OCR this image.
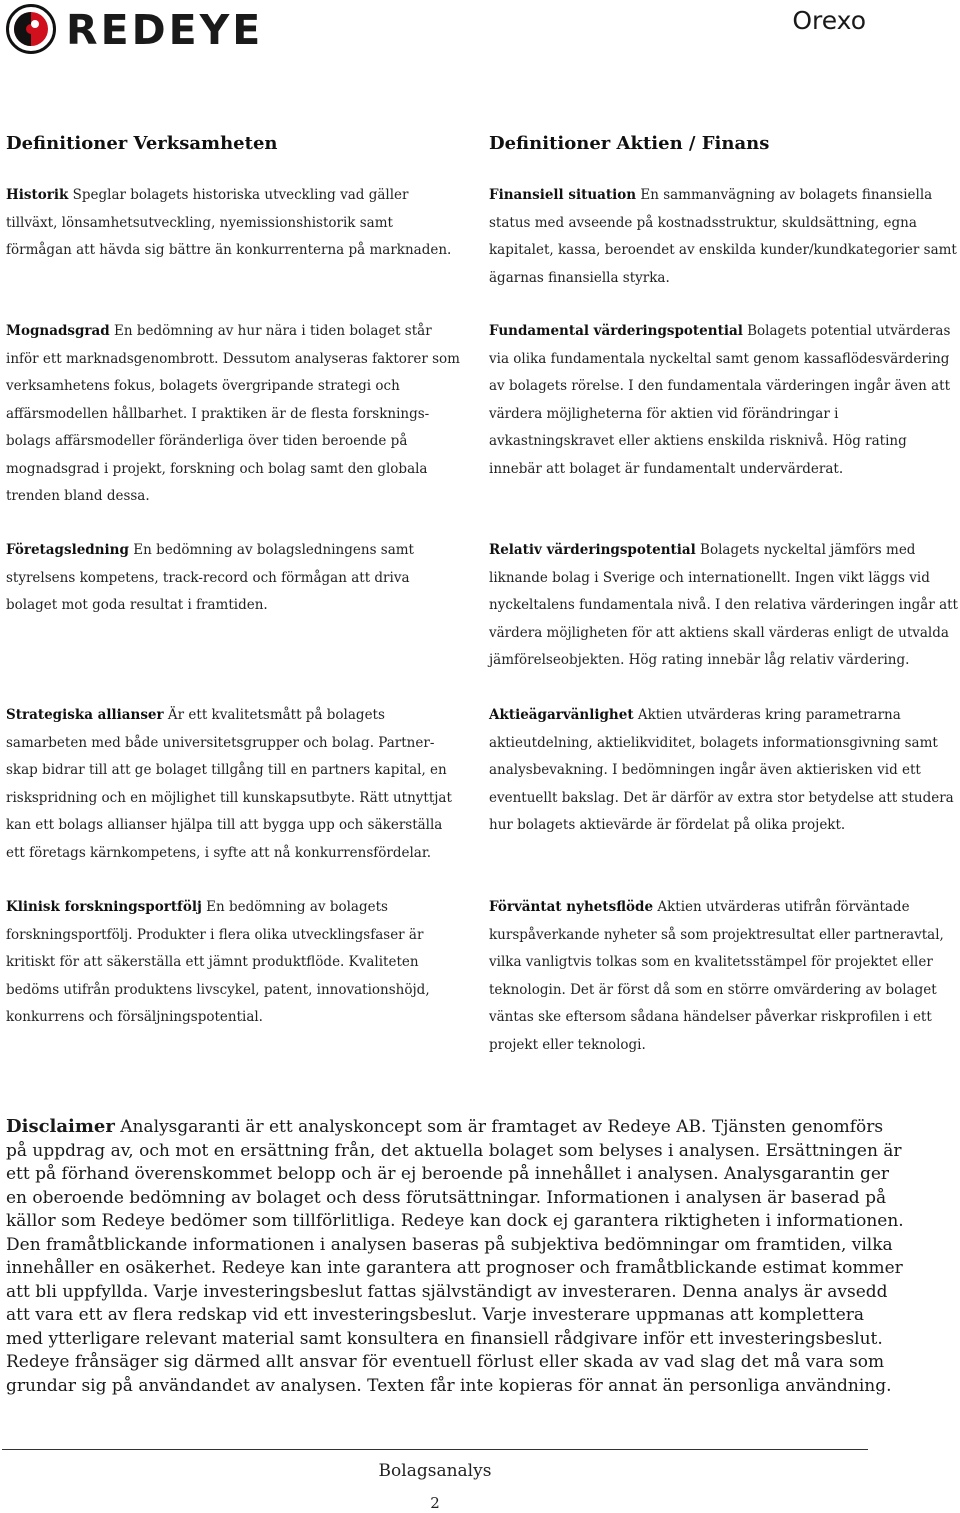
REDEYE	Orexo
Definitioner Verksamheten	Definitioner Aktien / Finans

Historik Speglar bolagets historiska utveckling vad gäller tillväxt, lönsamhetsutveckling, nyemissionshistorik samt förmågan att hävda sig bättre än konkurrenterna på marknaden.

Mognadsgrad En bedömning av hur nära i tiden bolaget står inför ett marknadsgenombrott. Dessutom analyseras faktorer som verksamhetens fokus, bolagets övergripande strategi och affärsmodellen hållbarhet. I praktiken är de flesta forsknings-bolags affärsmodeller föränderliga över tiden beroende på mognadsgrad i projekt, forskning och bolag samt den globala trenden bland dessa.

Företagsledning En bedömning av bolagsledningens samt styrelsens kompetens, track-record och förmågan att driva bolaget mot goda resultat i framtiden.

Strategiska allianser Är ett kvalitetsmått på bolagets samarbeten med både universitetsgrupper och bolag. Partner-skap bidrar till att ge bolaget tillgång till en partners kapital, en riskspridning och en möjlighet till kunskapsutbyte. Rätt utnyttjat kan ett bolags allianser hjälpa till att bygga upp och säkerställa ett företags kärnkompetens, i syfte att nå konkurrensfördelar.

Klinisk forskningsportfölj En bedömning av bolagets forskningsportfölj. Produkter i flera olika utvecklingsfaser är kritiskt för att säkerställa ett jämnt produktflöde. Kvaliteten bedöms utifrån produktens livscykel, patent, innovationshöjd, konkurrens och försäljningspotential.

Finansiell situation En sammanvägning av bolagets finansiella status med avseende på kostnadsstruktur, skuldsättning, egna kapitalet, kassa, beroendet av enskilda kunder/kundkategorier samt ägarnas finansiella styrka.

Fundamental värderingspotential Bolagets potential utvärderas via olika fundamentala nyckeltal samt genom kassaflödesvärdering av bolagets rörelse. I den fundamentala värderingen ingår även att värdera möjligheterna för aktien vid förändringar i avkastningskravet eller aktiens enskilda risknivå. Hög rating innebär att bolaget är fundamentalt undervärderat.

Relativ värderingspotential Bolagets nyckeltal jämförs med liknande bolag i Sverige och internationellt. Ingen vikt läggs vid nyckeltalens fundamentala nivå. I den relativa värderingen ingår att värdera möjligheten för att aktiens skall värderas enligt de utvalda jämförelseobjekten. Hög rating innebär låg relativ värdering.

Aktieägarvänlighet Aktien utvärderas kring parametrarna aktieutdelning, aktielikviditet, bolagets informationsgivning samt analysbevakning. I bedömningen ingår även aktierisken vid ett eventuellt bakslag. Det är därför av extra stor betydelse att studera hur bolagets aktievärde är fördelat på olika projekt.

Förväntat nyhetsflöde Aktien utvärderas utifrån förväntade kurspåverkande nyheter så som projektresultat eller partneravtal, vilka vanligtvis tolkas som en kvalitetsstämpel för projektet eller teknologin. Det är först då som en större omvärdering av bolaget väntas ske eftersom sådana händelser påverkar riskprofilen i ett projekt eller teknologi.

Disclaimer Analysgaranti är ett analyskoncept som är framtaget av Redeye AB. Tjänsten genomförs på uppdrag av, och mot en ersättning från, det aktuella bolaget som belyses i analysen. Ersättningen är ett på förhand överenskommet belopp och är ej beroende på innehållet i analysen. Analysgarantin ger en oberoende bedömning av bolaget och dess förutsättningar. Informationen i analysen är baserad på källor som Redeye bedömer som tillförlitliga. Redeye kan dock ej garantera riktigheten i informationen. Den framåtblickande informationen i analysen baseras på subjektiva bedömningar om framtiden, vilka innehåller en osäkerhet. Redeye kan inte garantera att prognoser och framåtblickande estimat kommer att bli uppfyllda. Varje investeringsbeslut fattas självständigt av investeraren. Denna analys är avsedd att vara ett av flera redskap vid ett investeringsbeslut. Varje investerare uppmanas att komplettera med ytterligare relevant material samt konsultera en finansiell rådgivare inför ett investeringsbeslut. Redeye frånsäger sig därmed allt ansvar för eventuell förlust eller skada av vad slag det må vara som grundar sig på användandet av analysen. Texten får inte kopieras för annat än personliga användning.

Bolagsanalys
2
